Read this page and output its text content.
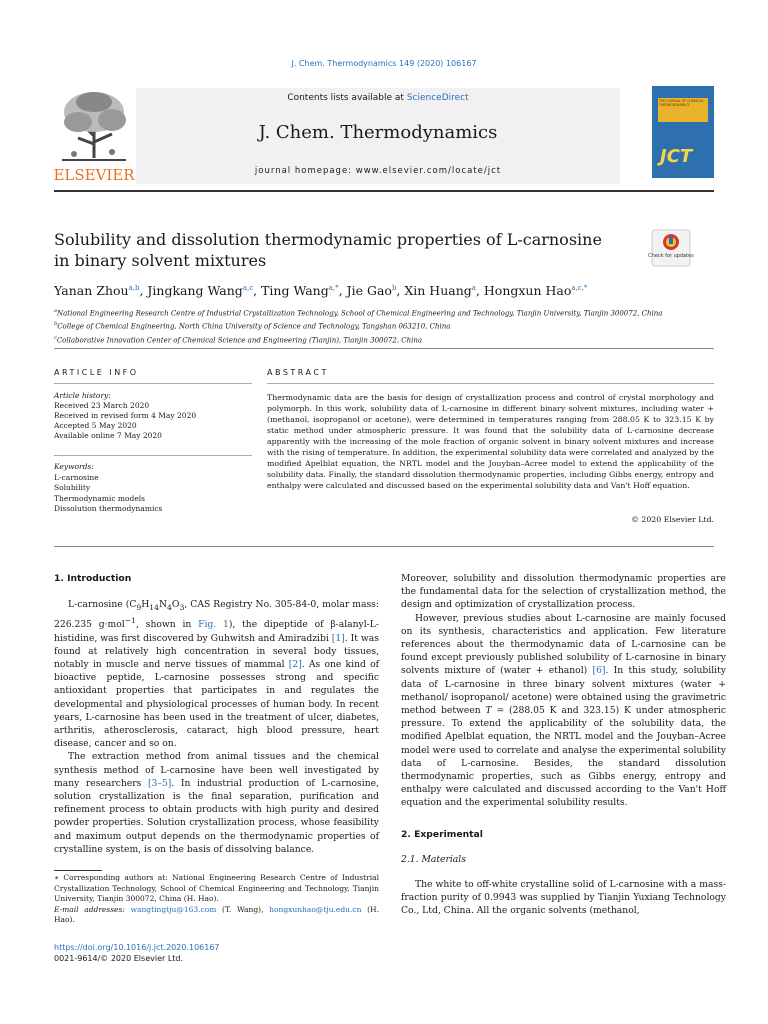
J. Chem. Thermodynamics 149 (2020) 106167
ELSEVIER
Contents lists available at ScienceDirect
J. Chem. Thermodynamics
journal homepage: www.elsevier.com/locate/jct
THE JOURNAL OF CHEMICAL THERMODYNAMICS
JCT
Solubility and dissolution thermodynamic properties of L-carnosine in binary solvent mixtures	Check for updates
Yanan Zhou$^{a,b}$, Jingkang Wang$^{a,c}$, Ting Wang$^{a,*}$, Jie Gao$^b$, Xin Huang$^a$, Hongxun Hao$^{a,c,*}$
$^a$National Engineering Research Centre of Industrial Crystallization Technology, School of Chemical Engineering and Technology, Tianjin University, Tianjin 300072, China
$^b$College of Chemical Engineering, North China University of Science and Technology, Tangshan 063210, China
$^c$Collaborative Innovation Center of Chemical Science and Engineering (Tianjin), Tianjin 300072, China
ARTICLE INFO	ABSTRACT
Article history:
Received 23 March 2020
Received in revised form 4 May 2020
Accepted 5 May 2020
Available online 7 May 2020
Keywords:
L-carnosine
Solubility
Thermodynamic models
Dissolution thermodynamics
Thermodynamic data are the basis for design of crystallization process and control of crystal morphology and polymorph. In this work, solubility data of L-carnosine in different binary solvent mixtures, including water + (methanol, isopropanol or acetone), were determined in temperatures ranging from 288.05 K to 323.15 K by static method under atmospheric pressure. It was found that the solubility data of L-carnosine decrease apparently with the increasing of the mole fraction of organic solvent in binary solvent mixtures and increase with the rising of temperature. In addition, the experimental solubility data were correlated and analyzed by the modified Apelblat equation, the NRTL model and the Jouyban–Acree model to extend the applicability of the solubility data. Finally, the standard dissolution thermodynamic properties, including Gibbs energy, entropy and enthalpy were calculated and discussed based on the experimental solubility data and Van't Hoff equation.
© 2020 Elsevier Ltd.
1. Introduction

L-carnosine ($C_9H_{14}N_4O_3$, CAS Registry No. 305-84-0, molar mass: 226.235 g·mol$^{-1}$, shown in Fig. 1), the dipeptide of β-alanyl-L-histidine, was first discovered by Guhwitsh and Amiradzibi [1]. It was found at relatively high concentration in several body tissues, notably in muscle and nerve tissues of mammal [2]. As one kind of bioactive peptide, L-carnosine possesses strong and specific antioxidant properties that participates in and regulates the developmental and physiological processes of human body. In recent years, L-carnosine has been used in the treatment of ulcer, diabetes, arthritis, atherosclerosis, cataract, high blood pressure, heart disease, cancer and so on.

The extraction method from animal tissues and the chemical synthesis method of L-carnosine have been well investigated by many researchers [3–5]. In industrial production of L-carnosine, solution crystallization is the final separation, purification and refinement process to obtain products with high purity and desired powder properties. Solution crystallization process, whose feasibility and maximum output depends on the thermodynamic properties of crystalline system, is on the basis of dissolving balance.

Moreover, solubility and dissolution thermodynamic properties are the fundamental data for the selection of crystallization method, the design and optimization of crystallization process.

However, previous studies about L-carnosine are mainly focused on its synthesis, characteristics and application. Few literature references about the thermodynamic data of L-carnosine can be found except previously published solubility of L-carnosine in binary solvents mixture of (water + ethanol) [6]. In this study, solubility data of L-carnosine in three binary solvent mixtures (water + methanol/ isopropanol/ acetone) were obtained using the gravimetric method between T = (288.05 K and 323.15) K under atmospheric pressure. To extend the applicability of the solubility data, the modified Apelblat equation, the NRTL model and the Jouyban–Acree model were used to correlate and analyse the experimental solubility data of L-carnosine. Besides, the standard dissolution thermodynamic properties, such as Gibbs energy, entropy and enthalpy were calculated and discussed according to the Van't Hoff equation and the experimental solubility results.

2. Experimental
2.1. Materials

The white to off-white crystalline solid of L-carnosine with a mass-fraction purity of 0.9943 was supplied by Tianjin Yuxiang Technology Co., Ltd, China. All the organic solvents (methanol,

∗ Corresponding authors at: National Engineering Research Centre of Industrial Crystallization Technology, School of Chemical Engineering and Technology, Tianjin University, Tianjin 300072, China (H. Hao).
E-mail addresses: wangtingtju@163.com (T. Wang), hongxunhao@tju.edu.cn (H. Hao).
https://doi.org/10.1016/j.jct.2020.106167
0021-9614/© 2020 Elsevier Ltd.
